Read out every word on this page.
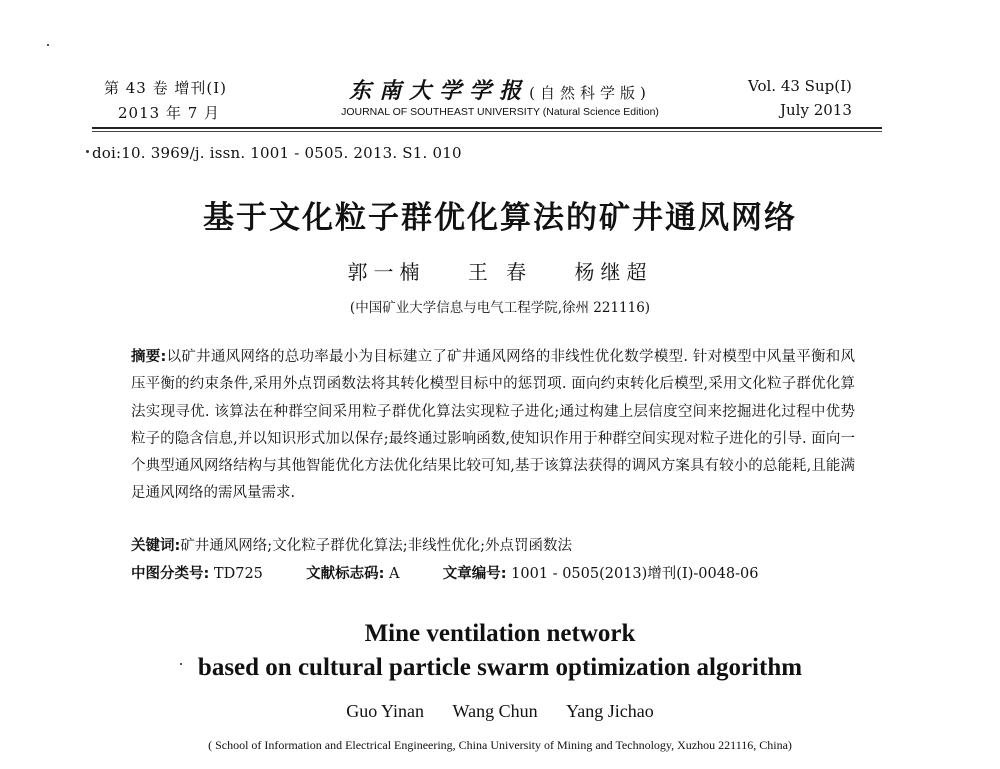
第 43 卷 增刊(I)
2013 年 7 月
东南大学学报(自然科学版)
JOURNAL OF SOUTHEAST UNIVERSITY (Natural Science Edition)
Vol. 43 Sup(I)
July 2013
doi:10. 3969/j. issn. 1001 - 0505. 2013. S1. 010
基于文化粒子群优化算法的矿井通风网络
郭一楠 王 春 杨继超
(中国矿业大学信息与电气工程学院,徐州 221116)
摘要:以矿井通风网络的总功率最小为目标建立了矿井通风网络的非线性优化数学模型. 针对模型中风量平衡和风压平衡的约束条件,采用外点罚函数法将其转化模型目标中的惩罚项. 面向约束转化后模型,采用文化粒子群优化算法实现寻优. 该算法在种群空间采用粒子群优化算法实现粒子进化;通过构建上层信度空间来挖掘进化过程中优势粒子的隐含信息,并以知识形式加以保存;最终通过影响函数,使知识作用于种群空间实现对粒子进化的引导. 面向一个典型通风网络结构与其他智能优化方法优化结果比较可知,基于该算法获得的调风方案具有较小的总能耗,且能满足通风网络的需风量需求.
关键词:矿井通风网络;文化粒子群优化算法;非线性优化;外点罚函数法
中图分类号: TD725	文献标志码: A	文章编号: 1001 - 0505(2013)增刊(I)-0048-06
Mine ventilation network
based on cultural particle swarm optimization algorithm
Guo Yinan Wang Chun Yang Jichao
( School of Information and Electrical Engineering, China University of Mining and Technology, Xuzhou 221116, China)
